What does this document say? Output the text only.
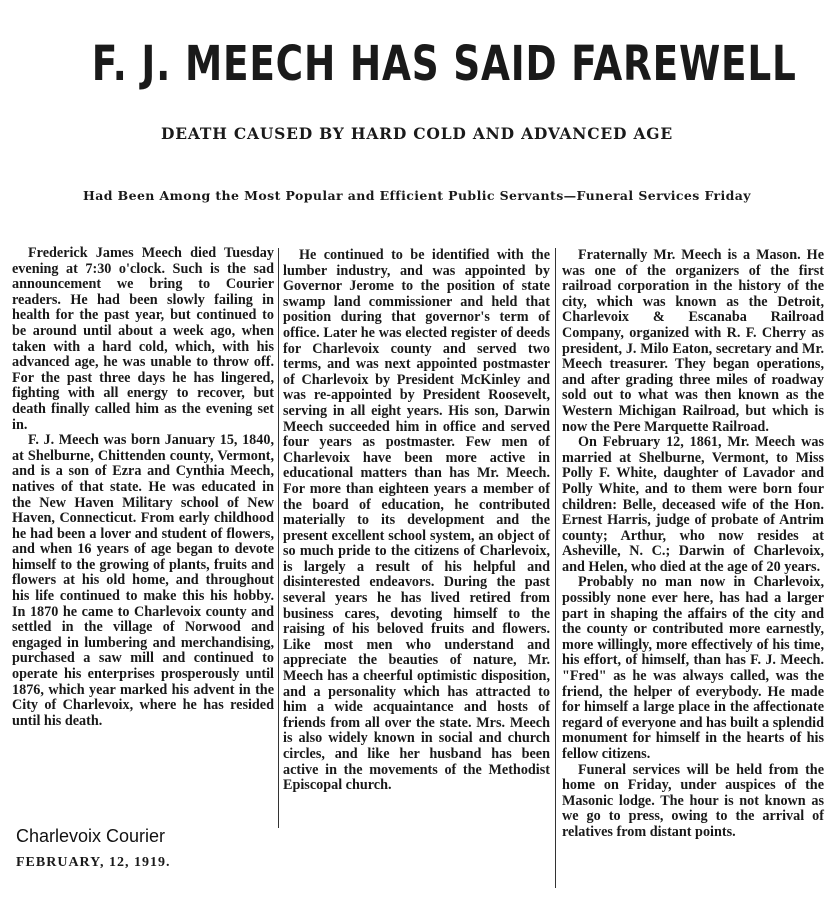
F. J. MEECH HAS SAID FAREWELL
DEATH CAUSED BY HARD COLD AND ADVANCED AGE
Had Been Among the Most Popular and Efficient Public Servants—Funeral Services Friday

Frederick James Meech died Tuesday evening at 7:30 o'clock. Such is the sad announcement we bring to Courier readers. He had been slowly failing in health for the past year, but continued to be around until about a week ago, when taken with a hard cold, which, with his advanced age, he was unable to throw off. For the past three days he has lingered, fighting with all energy to recover, but death finally called him as the evening set in.

F. J. Meech was born January 15, 1840, at Shelburne, Chittenden county, Vermont, and is a son of Ezra and Cynthia Meech, natives of that state. He was educated in the New Haven Military school of New Haven, Connecticut. From early childhood he had been a lover and student of flowers, and when 16 years of age began to devote himself to the growing of plants, fruits and flowers at his old home, and throughout his life continued to make this his hobby. In 1870 he came to Charlevoix county and settled in the village of Norwood and engaged in lumbering and merchandising, purchased a saw mill and continued to operate his enterprises prosperously until 1876, which year marked his advent in the City of Charlevoix, where he has resided until his death.

He continued to be identified with the lumber industry, and was appointed by Governor Jerome to the position of state swamp land commissioner and held that position during that governor's term of office. Later he was elected register of deeds for Charlevoix county and served two terms, and was next appointed postmaster of Charlevoix by President McKinley and was re-appointed by President Roosevelt, serving in all eight years. His son, Darwin Meech succeeded him in office and served four years as postmaster. Few men of Charlevoix have been more active in educational matters than has Mr. Meech. For more than eighteen years a member of the board of education, he contributed materially to its development and the present excellent school system, an object of so much pride to the citizens of Charlevoix, is largely a result of his helpful and disinterested endeavors. During the past several years he has lived retired from business cares, devoting himself to the raising of his beloved fruits and flowers. Like most men who understand and appreciate the beauties of nature, Mr. Meech has a cheerful optimistic disposition, and a personality which has attracted to him a wide acquaintance and hosts of friends from all over the state. Mrs. Meech is also widely known in social and church circles, and like her husband has been active in the movements of the Methodist Episcopal church.

Fraternally Mr. Meech is a Mason. He was one of the organizers of the first railroad corporation in the history of the city, which was known as the Detroit, Charlevoix & Escanaba Railroad Company, organized with R. F. Cherry as president, J. Milo Eaton, secretary and Mr. Meech treasurer. They began operations, and after grading three miles of roadway sold out to what was then known as the Western Michigan Railroad, but which is now the Pere Marquette Railroad.

On February 12, 1861, Mr. Meech was married at Shelburne, Vermont, to Miss Polly F. White, daughter of Lavador and Polly White, and to them were born four children: Belle, deceased wife of the Hon. Ernest Harris, judge of probate of Antrim county; Arthur, who now resides at Asheville, N. C.; Darwin of Charlevoix, and Helen, who died at the age of 20 years.

Probably no man now in Charlevoix, possibly none ever here, has had a larger part in shaping the affairs of the city and the county or contributed more earnestly, more willingly, more effectively of his time, his effort, of himself, than has F. J. Meech. "Fred" as he was always called, was the friend, the helper of everybody. He made for himself a large place in the affectionate regard of everyone and has built a splendid monument for himself in the hearts of his fellow citizens.

Funeral services will be held from the home on Friday, under auspices of the Masonic lodge. The hour is not known as we go to press, owing to the arrival of relatives from distant points.

Charlevoix Courier
FEBRUARY, 12, 1919.
